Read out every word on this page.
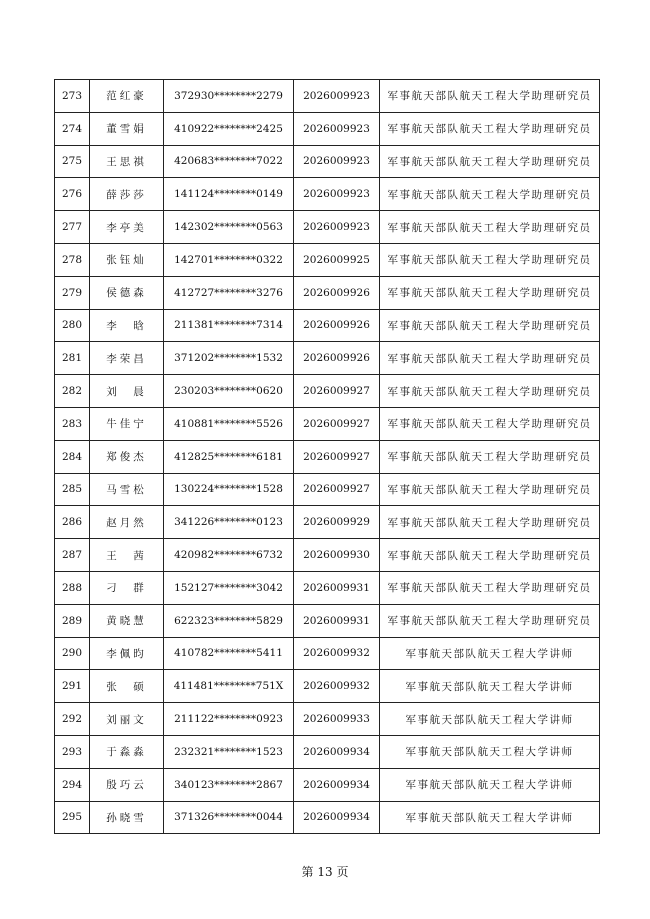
273	范红豪	372930********2279	2026009923	军事航天部队航天工程大学助理研究员
274	董雪娟	410922********2425	2026009923	军事航天部队航天工程大学助理研究员
275	王思祺	420683********7022	2026009923	军事航天部队航天工程大学助理研究员
276	薛莎莎	141124********0149	2026009923	军事航天部队航天工程大学助理研究员
277	李亭美	142302********0563	2026009923	军事航天部队航天工程大学助理研究员
278	张钰灿	142701********0322	2026009925	军事航天部队航天工程大学助理研究员
279	侯德森	412727********3276	2026009926	军事航天部队航天工程大学助理研究员
280	李　晗	211381********7314	2026009926	军事航天部队航天工程大学助理研究员
281	李荣昌	371202********1532	2026009926	军事航天部队航天工程大学助理研究员
282	刘　晨	230203********0620	2026009927	军事航天部队航天工程大学助理研究员
283	牛佳宁	410881********5526	2026009927	军事航天部队航天工程大学助理研究员
284	郑俊杰	412825********6181	2026009927	军事航天部队航天工程大学助理研究员
285	马雪松	130224********1528	2026009927	军事航天部队航天工程大学助理研究员
286	赵月然	341226********0123	2026009929	军事航天部队航天工程大学助理研究员
287	王　茜	420982********6732	2026009930	军事航天部队航天工程大学助理研究员
288	刁　群	152127********3042	2026009931	军事航天部队航天工程大学助理研究员
289	黄晓慧	622323********5829	2026009931	军事航天部队航天工程大学助理研究员
290	李佩昀	410782********5411	2026009932	军事航天部队航天工程大学讲师
291	张　硕	411481********751X	2026009932	军事航天部队航天工程大学讲师
292	刘丽文	211122********0923	2026009933	军事航天部队航天工程大学讲师
293	于淼淼	232321********1523	2026009934	军事航天部队航天工程大学讲师
294	殷巧云	340123********2867	2026009934	军事航天部队航天工程大学讲师
295	孙晓雪	371326********0044	2026009934	军事航天部队航天工程大学讲师
第 13 页
